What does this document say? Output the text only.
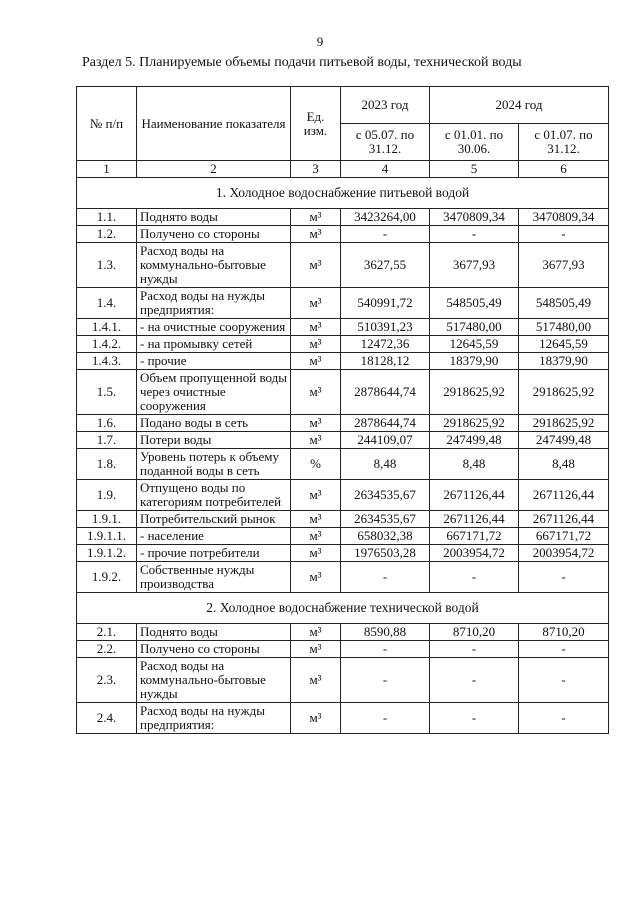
9
Раздел 5. Планируемые объемы подачи питьевой воды, технической воды
№ п/п	Наименование показателя	Ед. изм.	2023 год	2024 год	
			с 05.07. по 31.12.	с 01.01. по 30.06.	с 01.07. по 31.12.
1	2	3	4	5	6
1. Холодное водоснабжение питьевой водой					
1.1.	Поднято воды	м³	3423264,00	3470809,34	3470809,34
1.2.	Получено со стороны	м³	-	-	-
1.3.	Расход воды на коммунально-бытовые нужды	м³	3627,55	3677,93	3677,93
1.4.	Расход воды на нужды предприятия:	м³	540991,72	548505,49	548505,49
1.4.1.	- на очистные сооружения	м³	510391,23	517480,00	517480,00
1.4.2.	- на промывку сетей	м³	12472,36	12645,59	12645,59
1.4.3.	- прочие	м³	18128,12	18379,90	18379,90
1.5.	Объем пропущенной воды через очистные сооружения	м³	2878644,74	2918625,92	2918625,92
1.6.	Подано воды в сеть	м³	2878644,74	2918625,92	2918625,92
1.7.	Потери воды	м³	244109,07	247499,48	247499,48
1.8.	Уровень потерь к объему поданной воды в сеть	%	8,48	8,48	8,48
1.9.	Отпущено воды по категориям потребителей	м³	2634535,67	2671126,44	2671126,44
1.9.1.	Потребительский рынок	м³	2634535,67	2671126,44	2671126,44
1.9.1.1.	- население	м³	658032,38	667171,72	667171,72
1.9.1.2.	- прочие потребители	м³	1976503,28	2003954,72	2003954,72
1.9.2.	Собственные нужды производства	м³	-	-	-
2. Холодное водоснабжение технической водой					
2.1.	Поднято воды	м³	8590,88	8710,20	8710,20
2.2.	Получено со стороны	м³	-	-	-
2.3.	Расход воды на коммунально-бытовые нужды	м³	-	-	-
2.4.	Расход воды на нужды предприятия:	м³	-	-	-
